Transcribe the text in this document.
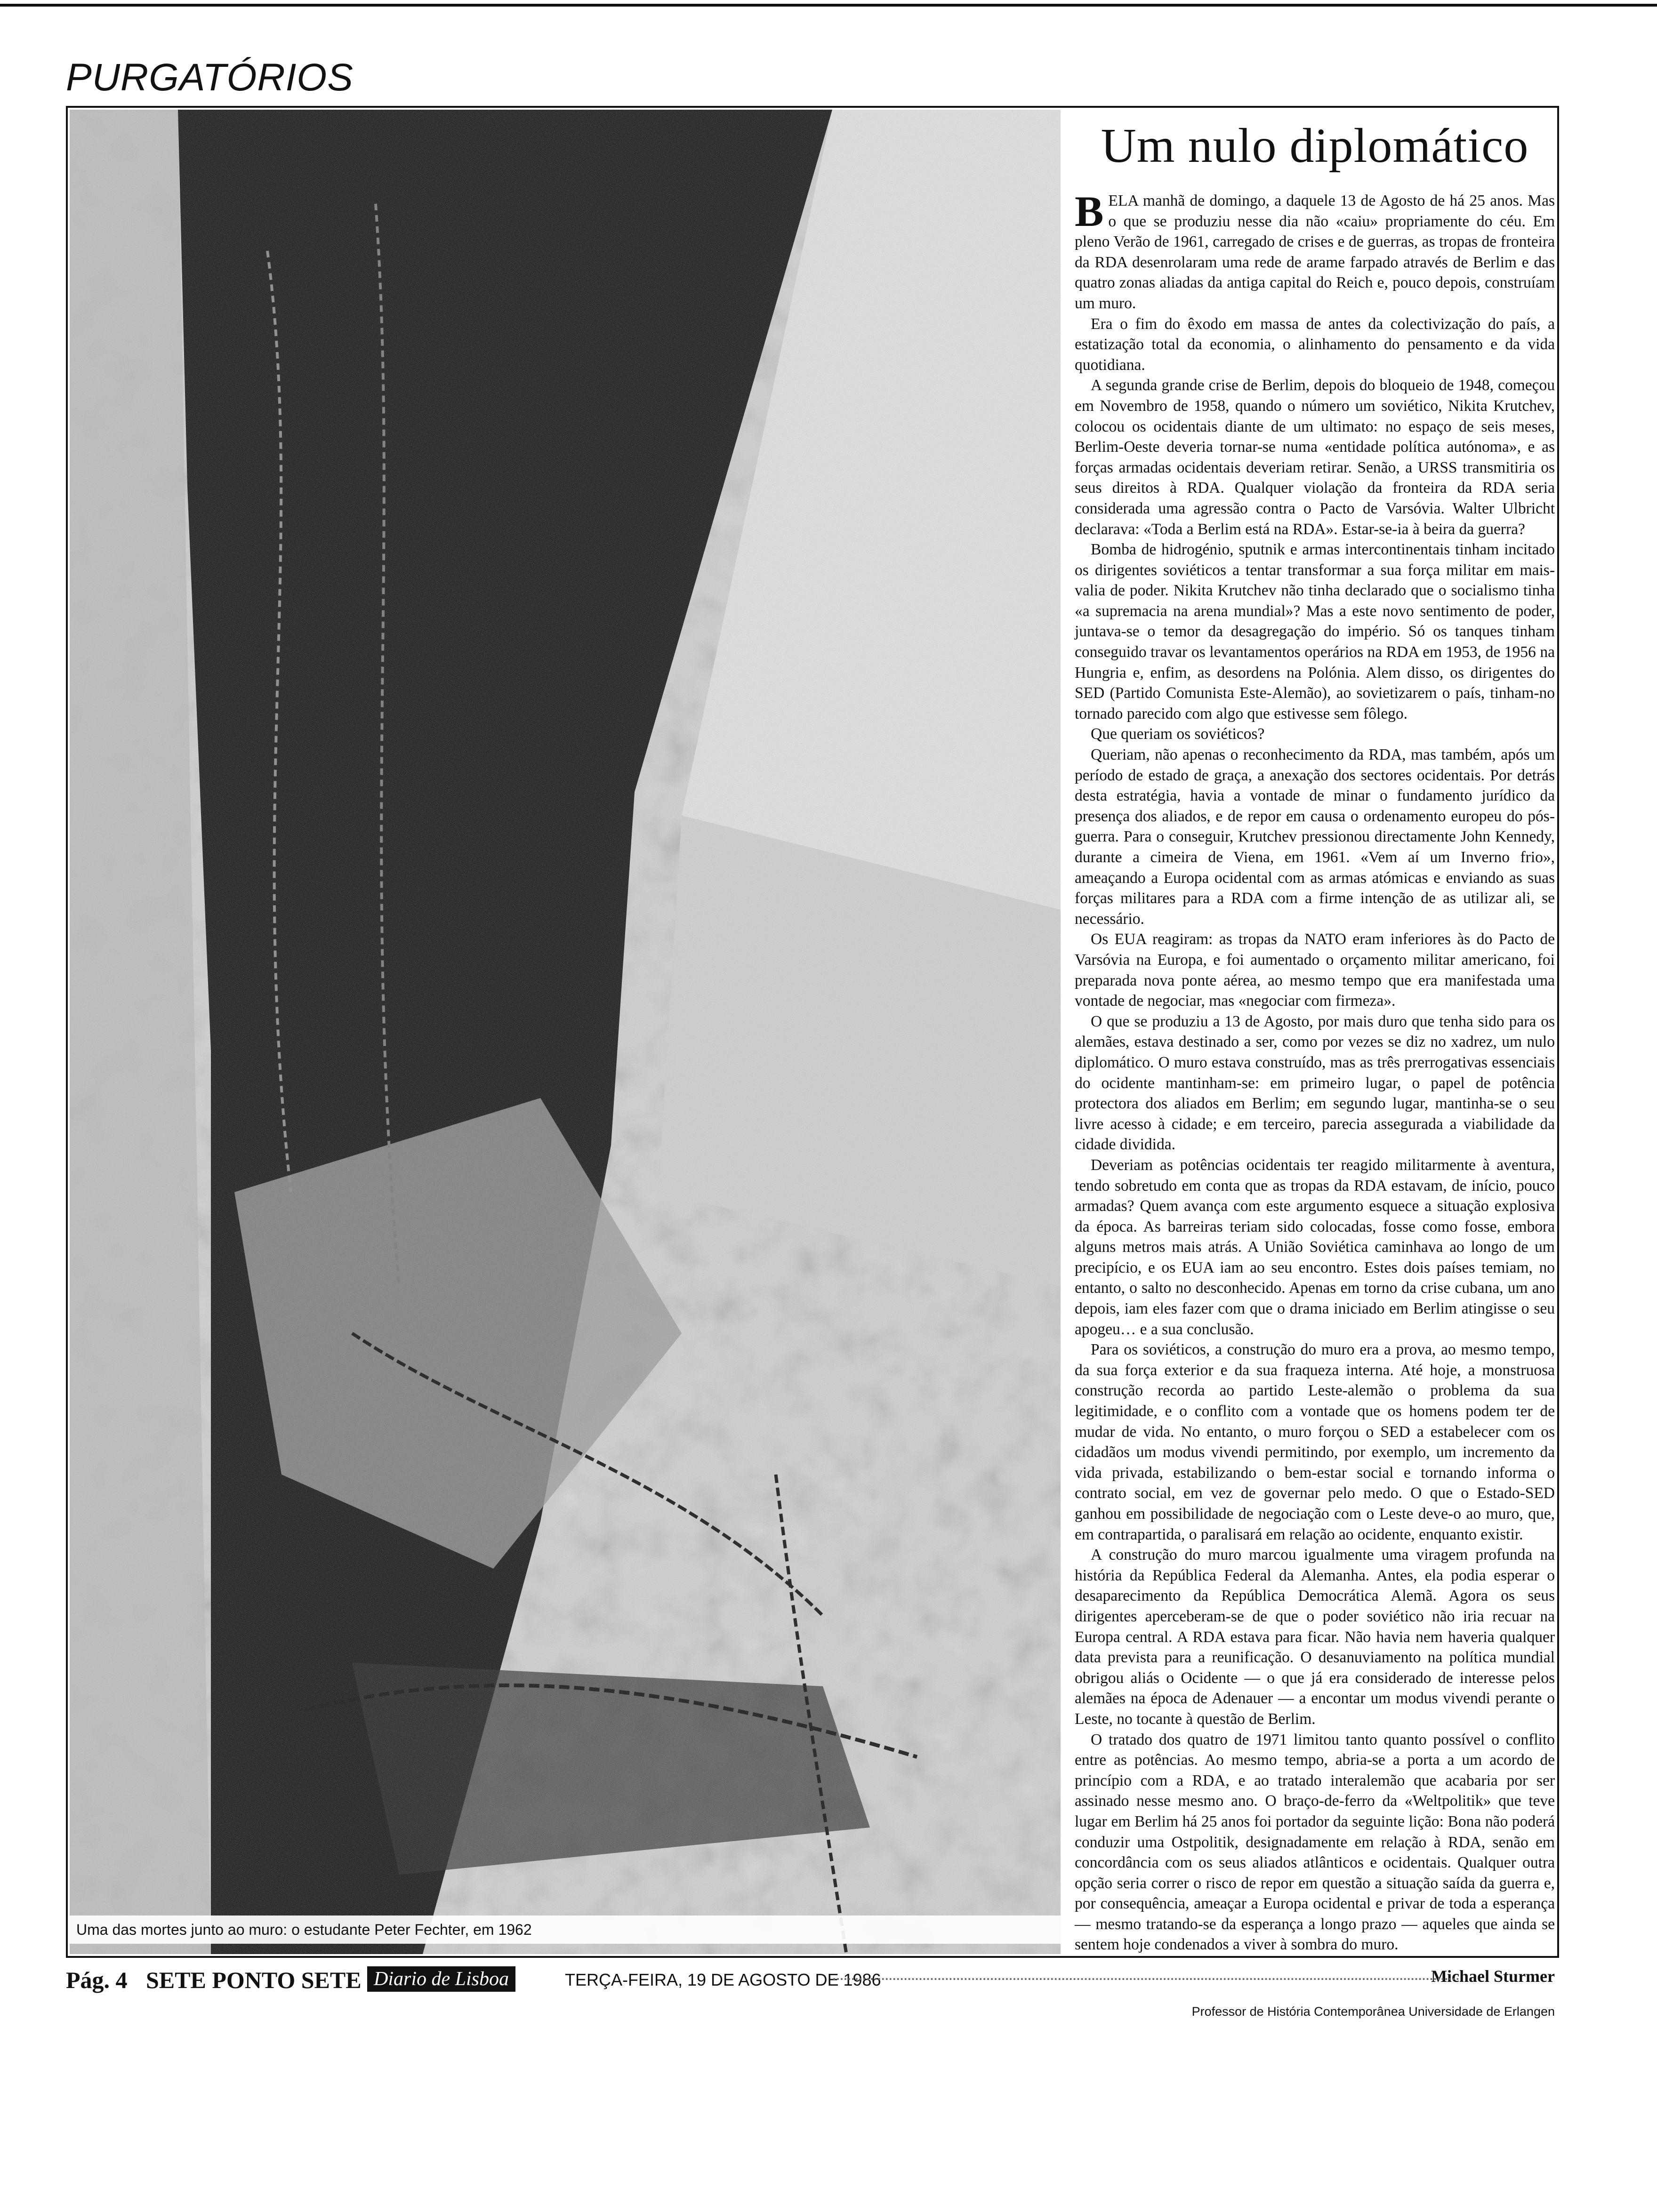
PURGATÓRIOS
Uma das mortes junto ao muro: o estudante Peter Fechter, em 1962
Um nulo diplomático

BELA manhã de domingo, a daquele 13 de Agosto de há 25 anos. Mas o que se produziu nesse dia não «caiu» propriamente do céu. Em pleno Verão de 1961, carregado de crises e de guerras, as tropas de fronteira da RDA desenrolaram uma rede de arame farpado através de Berlim e das quatro zonas aliadas da antiga capital do Reich e, pouco depois, construíam um muro.

Era o fim do êxodo em massa de antes da colectivização do país, a estatização total da economia, o alinhamento do pensamento e da vida quotidiana.

A segunda grande crise de Berlim, depois do bloqueio de 1948, começou em Novembro de 1958, quando o número um soviético, Nikita Krutchev, colocou os ocidentais diante de um ultimato: no espaço de seis meses, Berlim-Oeste deveria tornar-se numa «entidade política autónoma», e as forças armadas ocidentais deveriam retirar. Senão, a URSS transmitiria os seus direitos à RDA. Qualquer violação da fronteira da RDA seria considerada uma agressão contra o Pacto de Varsóvia. Walter Ulbricht declarava: «Toda a Berlim está na RDA». Estar-se-ia à beira da guerra?

Bomba de hidrogénio, sputnik e armas intercontinentais tinham incitado os dirigentes soviéticos a tentar transformar a sua força militar em mais-valia de poder. Nikita Krutchev não tinha declarado que o socialismo tinha «a supremacia na arena mundial»? Mas a este novo sentimento de poder, juntava-se o temor da desagregação do império. Só os tanques tinham conseguido travar os levantamentos operários na RDA em 1953, de 1956 na Hungria e, enfim, as desordens na Polónia. Alem disso, os dirigentes do SED (Partido Comunista Este-Alemão), ao sovietizarem o país, tinham-no tornado parecido com algo que estivesse sem fôlego.

Que queriam os soviéticos?

Queriam, não apenas o reconhecimento da RDA, mas também, após um período de estado de graça, a anexação dos sectores ocidentais. Por detrás desta estratégia, havia a vontade de minar o fundamento jurídico da presença dos aliados, e de repor em causa o ordenamento europeu do pós-guerra. Para o conseguir, Krutchev pressionou directamente John Kennedy, durante a cimeira de Viena, em 1961. «Vem aí um Inverno frio», ameaçando a Europa ocidental com as armas atómicas e enviando as suas forças militares para a RDA com a firme intenção de as utilizar ali, se necessário.

Os EUA reagiram: as tropas da NATO eram inferiores às do Pacto de Varsóvia na Europa, e foi aumentado o orçamento militar americano, foi preparada nova ponte aérea, ao mesmo tempo que era manifestada uma vontade de negociar, mas «negociar com firmeza».

O que se produziu a 13 de Agosto, por mais duro que tenha sido para os alemães, estava destinado a ser, como por vezes se diz no xadrez, um nulo diplomático. O muro estava construído, mas as três prerrogativas essenciais do ocidente mantinham-se: em primeiro lugar, o papel de potência protectora dos aliados em Berlim; em segundo lugar, mantinha-se o seu livre acesso à cidade; e em terceiro, parecia assegurada a viabilidade da cidade dividida.

Deveriam as potências ocidentais ter reagido militarmente à aventura, tendo sobretudo em conta que as tropas da RDA estavam, de início, pouco armadas? Quem avança com este argumento esquece a situação explosiva da época. As barreiras teriam sido colocadas, fosse como fosse, embora alguns metros mais atrás. A União Soviética caminhava ao longo de um precipício, e os EUA iam ao seu encontro. Estes dois países temiam, no entanto, o salto no desconhecido. Apenas em torno da crise cubana, um ano depois, iam eles fazer com que o drama iniciado em Berlim atingisse o seu apogeu… e a sua conclusão.

Para os soviéticos, a construção do muro era a prova, ao mesmo tempo, da sua força exterior e da sua fraqueza interna. Até hoje, a monstruosa construção recorda ao partido Leste-alemão o problema da sua legitimidade, e o conflito com a vontade que os homens podem ter de mudar de vida. No entanto, o muro forçou o SED a estabelecer com os cidadãos um modus vivendi permitindo, por exemplo, um incremento da vida privada, estabilizando o bem-estar social e tornando informa o contrato social, em vez de governar pelo medo. O que o Estado-SED ganhou em possibilidade de negociação com o Leste deve-o ao muro, que, em contrapartida, o paralisará em relação ao ocidente, enquanto existir.

A construção do muro marcou igualmente uma viragem profunda na história da República Federal da Alemanha. Antes, ela podia esperar o desaparecimento da República Democrática Alemã. Agora os seus dirigentes aperceberam-se de que o poder soviético não iria recuar na Europa central. A RDA estava para ficar. Não havia nem haveria qualquer data prevista para a reunificação. O desanuviamento na política mundial obrigou aliás o Ocidente — o que já era considerado de interesse pelos alemães na época de Adenauer — a encontar um modus vivendi perante o Leste, no tocante à questão de Berlim.

O tratado dos quatro de 1971 limitou tanto quanto possível o conflito entre as potências. Ao mesmo tempo, abria-se a porta a um acordo de princípio com a RDA, e ao tratado interalemão que acabaria por ser assinado nesse mesmo ano. O braço-de-ferro da «Weltpolitik» que teve lugar em Berlim há 25 anos foi portador da seguinte lição: Bona não poderá conduzir uma Ostpolitik, designadamente em relação à RDA, senão em concordância com os seus aliados atlânticos e ocidentais. Qualquer outra opção seria correr o risco de repor em questão a situação saída da guerra e, por consequência, ameaçar a Europa ocidental e privar de toda a esperança — mesmo tratando-se da esperança a longo prazo — aqueles que ainda se sentem hoje condenados a viver à sombra do muro.

Michael Sturmer
Professor de História Contemporânea Universidade de Erlangen
Pág. 4 SETE PONTO SETE Diario de Lisboa	TERÇA-FEIRA, 19 DE AGOSTO DE 1986
